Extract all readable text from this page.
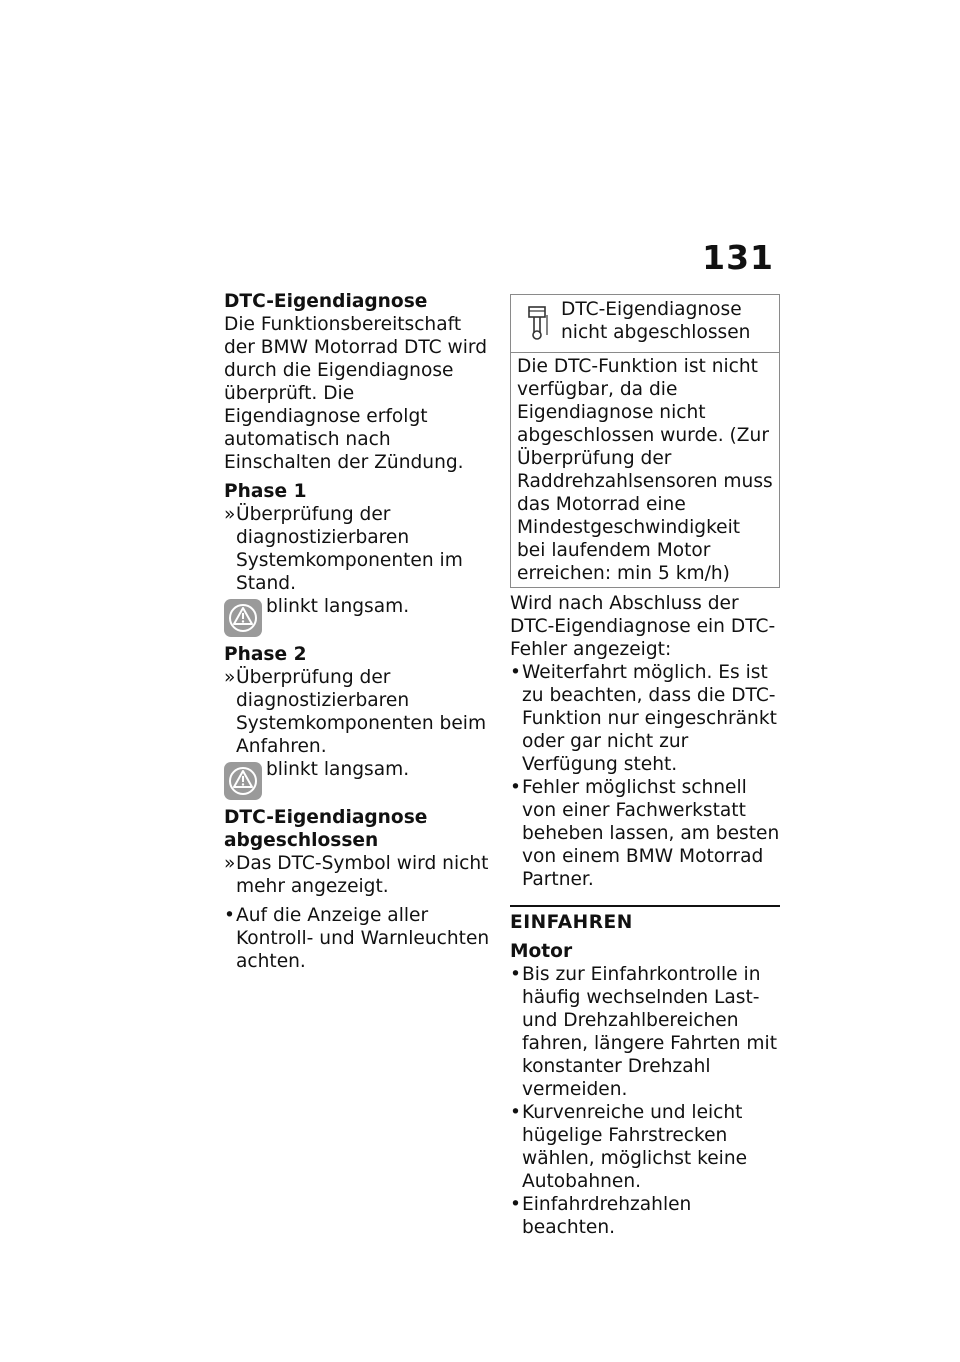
131
DTC-Eigendiagnose
Die Funktionsbereitschaft der BMW Motorrad DTC wird durch die Eigendiagnose überprüft. Die Eigendiagnose erfolgt automatisch nach Einschalten der Zündung.
Phase 1
» Überprüfung der diagnostizierbaren Systemkomponenten im Stand.
blinkt langsam.
Phase 2
» Überprüfung der diagnostizierbaren Systemkomponenten beim Anfahren.
blinkt langsam.
DTC-Eigendiagnose abgeschlossen
» Das DTC-Symbol wird nicht mehr angezeigt.
• Auf die Anzeige aller Kontroll- und Warnleuchten achten.
DTC-Eigendiagnose nicht abgeschlossen
Die DTC-Funktion ist nicht verfügbar, da die Eigendiagnose nicht abgeschlossen wurde. (Zur Überprüfung der Raddrehzahlsensoren muss das Motorrad eine Mindestgeschwindigkeit bei laufendem Motor erreichen: min 5 km/h)
Wird nach Abschluss der DTC-Eigendiagnose ein DTC-Fehler angezeigt:
• Weiterfahrt möglich. Es ist zu beachten, dass die DTC-Funktion nur eingeschränkt oder gar nicht zur Verfügung steht.
• Fehler möglichst schnell von einer Fachwerkstatt beheben lassen, am besten von einem BMW Motorrad Partner.
EINFAHREN
Motor
• Bis zur Einfahrkontrolle in häufig wechselnden Last- und Drehzahlbereichen fahren, längere Fahrten mit konstanter Drehzahl vermeiden.
• Kurvenreiche und leicht hügelige Fahrstrecken wählen, möglichst keine Autobahnen.
• Einfahrdrehzahlen beachten.
